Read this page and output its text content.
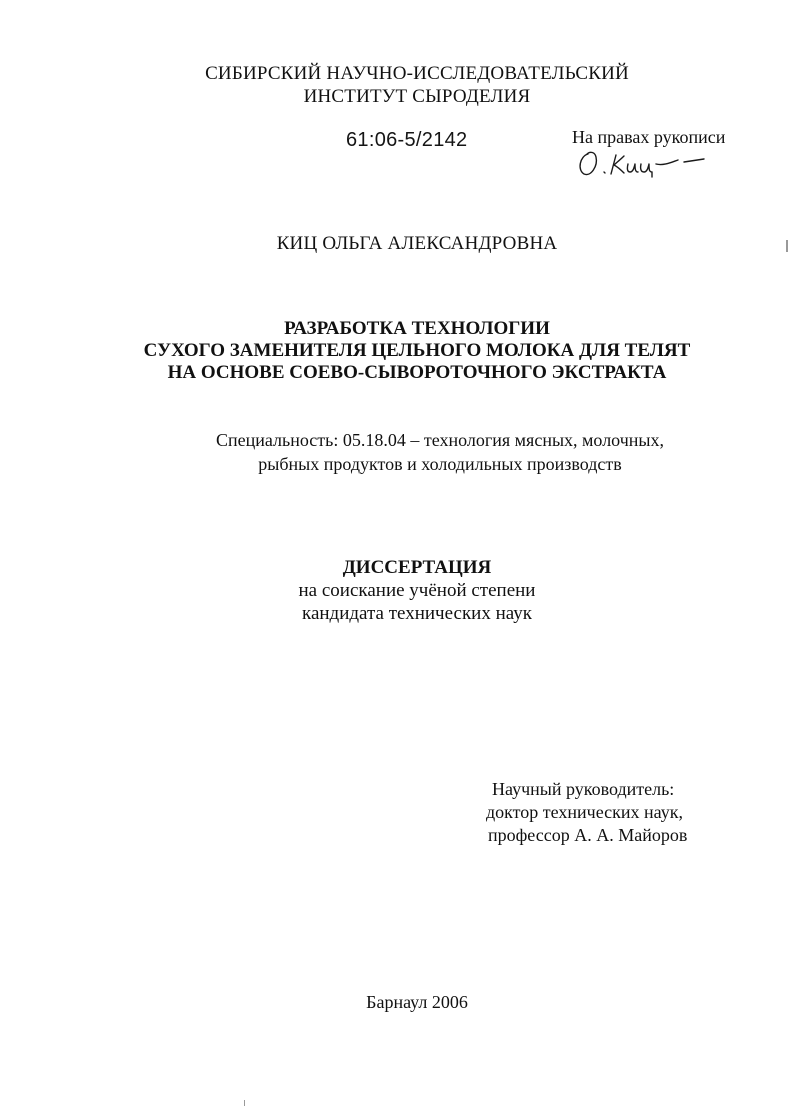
СИБИРСКИЙ НАУЧНО-ИССЛЕДОВАТЕЛЬСКИЙ
ИНСТИТУТ СЫРОДЕЛИЯ
61:06-5/2142	На правах рукописи
КИЦ ОЛЬГА АЛЕКСАНДРОВНА
РАЗРАБОТКА ТЕХНОЛОГИИ
СУХОГО ЗАМЕНИТЕЛЯ ЦЕЛЬНОГО МОЛОКА ДЛЯ ТЕЛЯТ
НА ОСНОВЕ СОЕВО-СЫВОРОТОЧНОГО ЭКСТРАКТА
Специальность: 05.18.04 – технология мясных, молочных,
рыбных продуктов и холодильных производств
ДИССЕРТАЦИЯ
на соискание учёной степени
кандидата технических наук
Научный руководитель:
доктор технических наук,
профессор А. А. Майоров
Барнаул 2006
